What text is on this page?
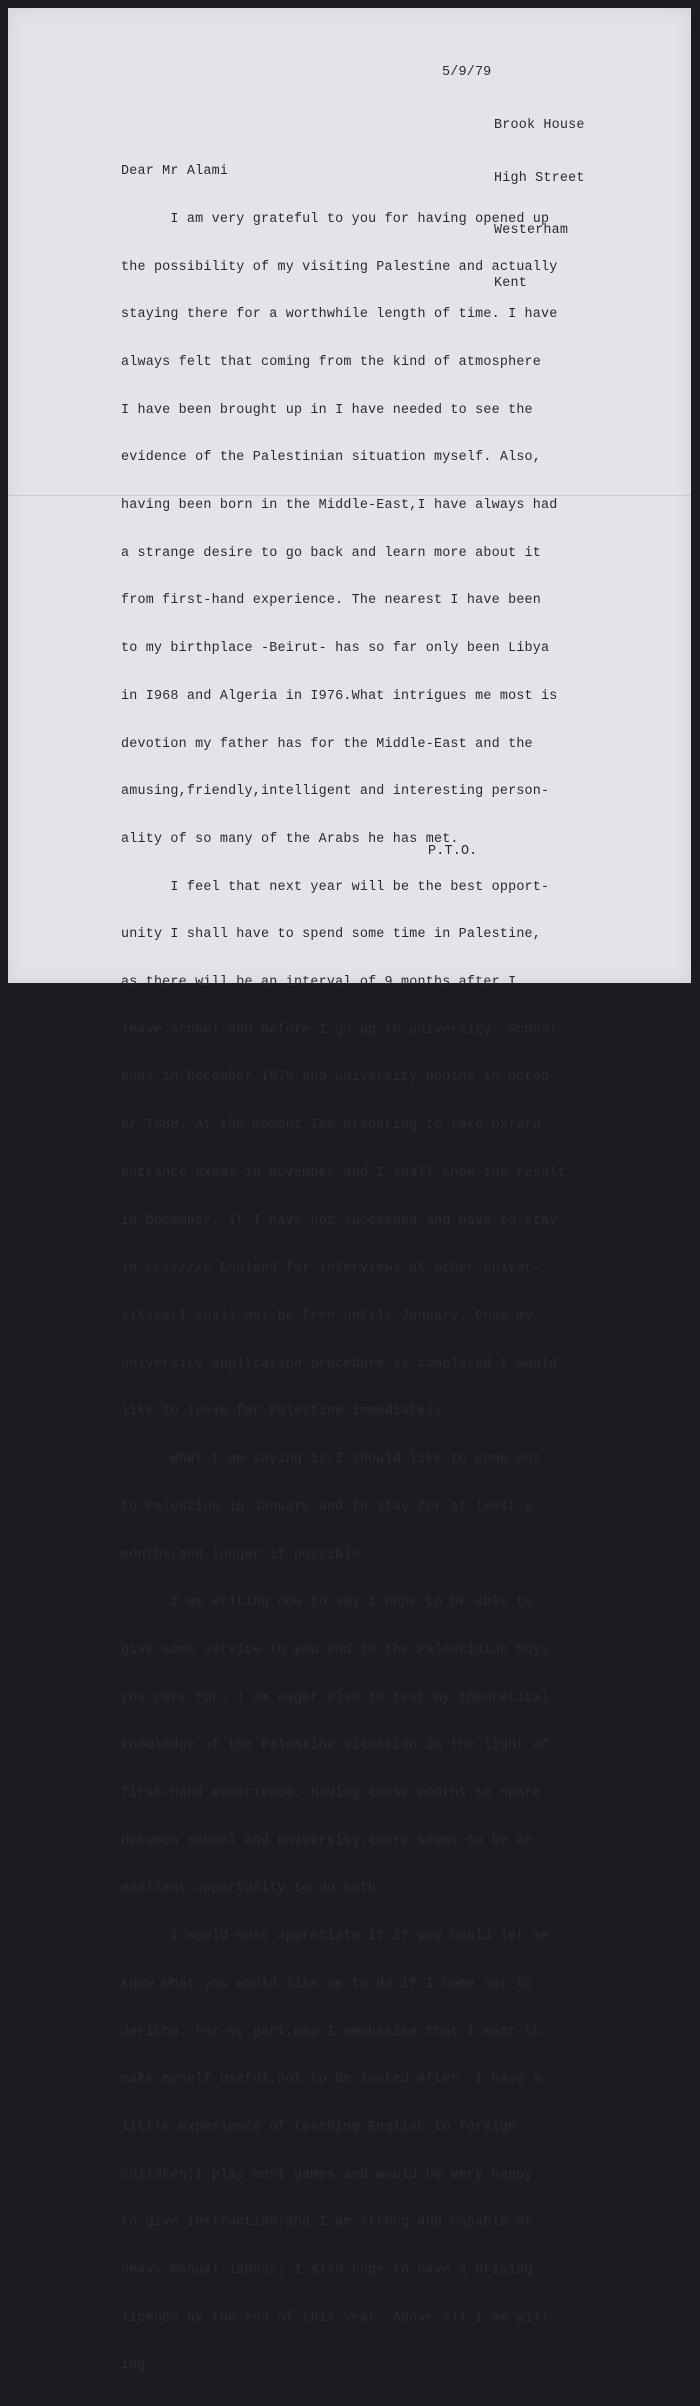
5/9/79

Brook House

High Street

Westerham

Kent

Dear Mr Alami

I am very grateful to you for having opened up

the possibility of my visiting Palestine and actually

staying there for a worthwhile length of time. I have

always felt that coming from the kind of atmosphere

I have been brought up in I have needed to see the

evidence of the Palestinian situation myself. Also,

having been born in the Middle-East,I have always had

a strange desire to go back and learn more about it

from first-hand experience. The nearest I have been

to my birthplace -Beirut- has so far only been Libya

in I968 and Algeria in I976.What intrigues me most is

devotion my father has for the Middle-East and the

amusing,friendly,intelligent and interesting person-

ality of so many of the Arabs he has met.

I feel that next year will be the best opport-

unity I shall have to spend some time in Palestine,

as there will be an interval of 9 months after I

leave school and before I go up to university. School

ends in December I979 and university begins in Octob-

er I980. At the moment Iam preparing to take Oxford

entrance exams in November and I shall know the result

in December. If I have not succeeded and have to stay

in ///////r England for interviews at other univer-

sities,I shall not be free until/ January. Once my

university application procedure is completed I would

like to leave for Palestine immediately.

What I am saying is,I should like to come out

to Palestine in January and to stay for at least 6

months,and longer if possible.

I am writing now to say I hope to be able to

give some service to you and to the Palestinian boys

you care for. I am eager also to test my theoretical

knowledge of the Palestine situation in the light of

first-hand experience. Having these months to spare

between school and university,there seems to be an

exellant opportunity to do both.

I would most appreciate it if you could let me

know what you would like me to do if I come out to

Jericho. For my part,may I emphasise that I want to

make myself useful,not to be looked after. I have a

little experience of teaching English to foreign

children;I play most games and would be very happy

to give instruction;and I am strong and capable of

heavy manual labour. I also hope to have a driving

licence by the end of this year. Above all I am will-

ing.

P.T.O.
